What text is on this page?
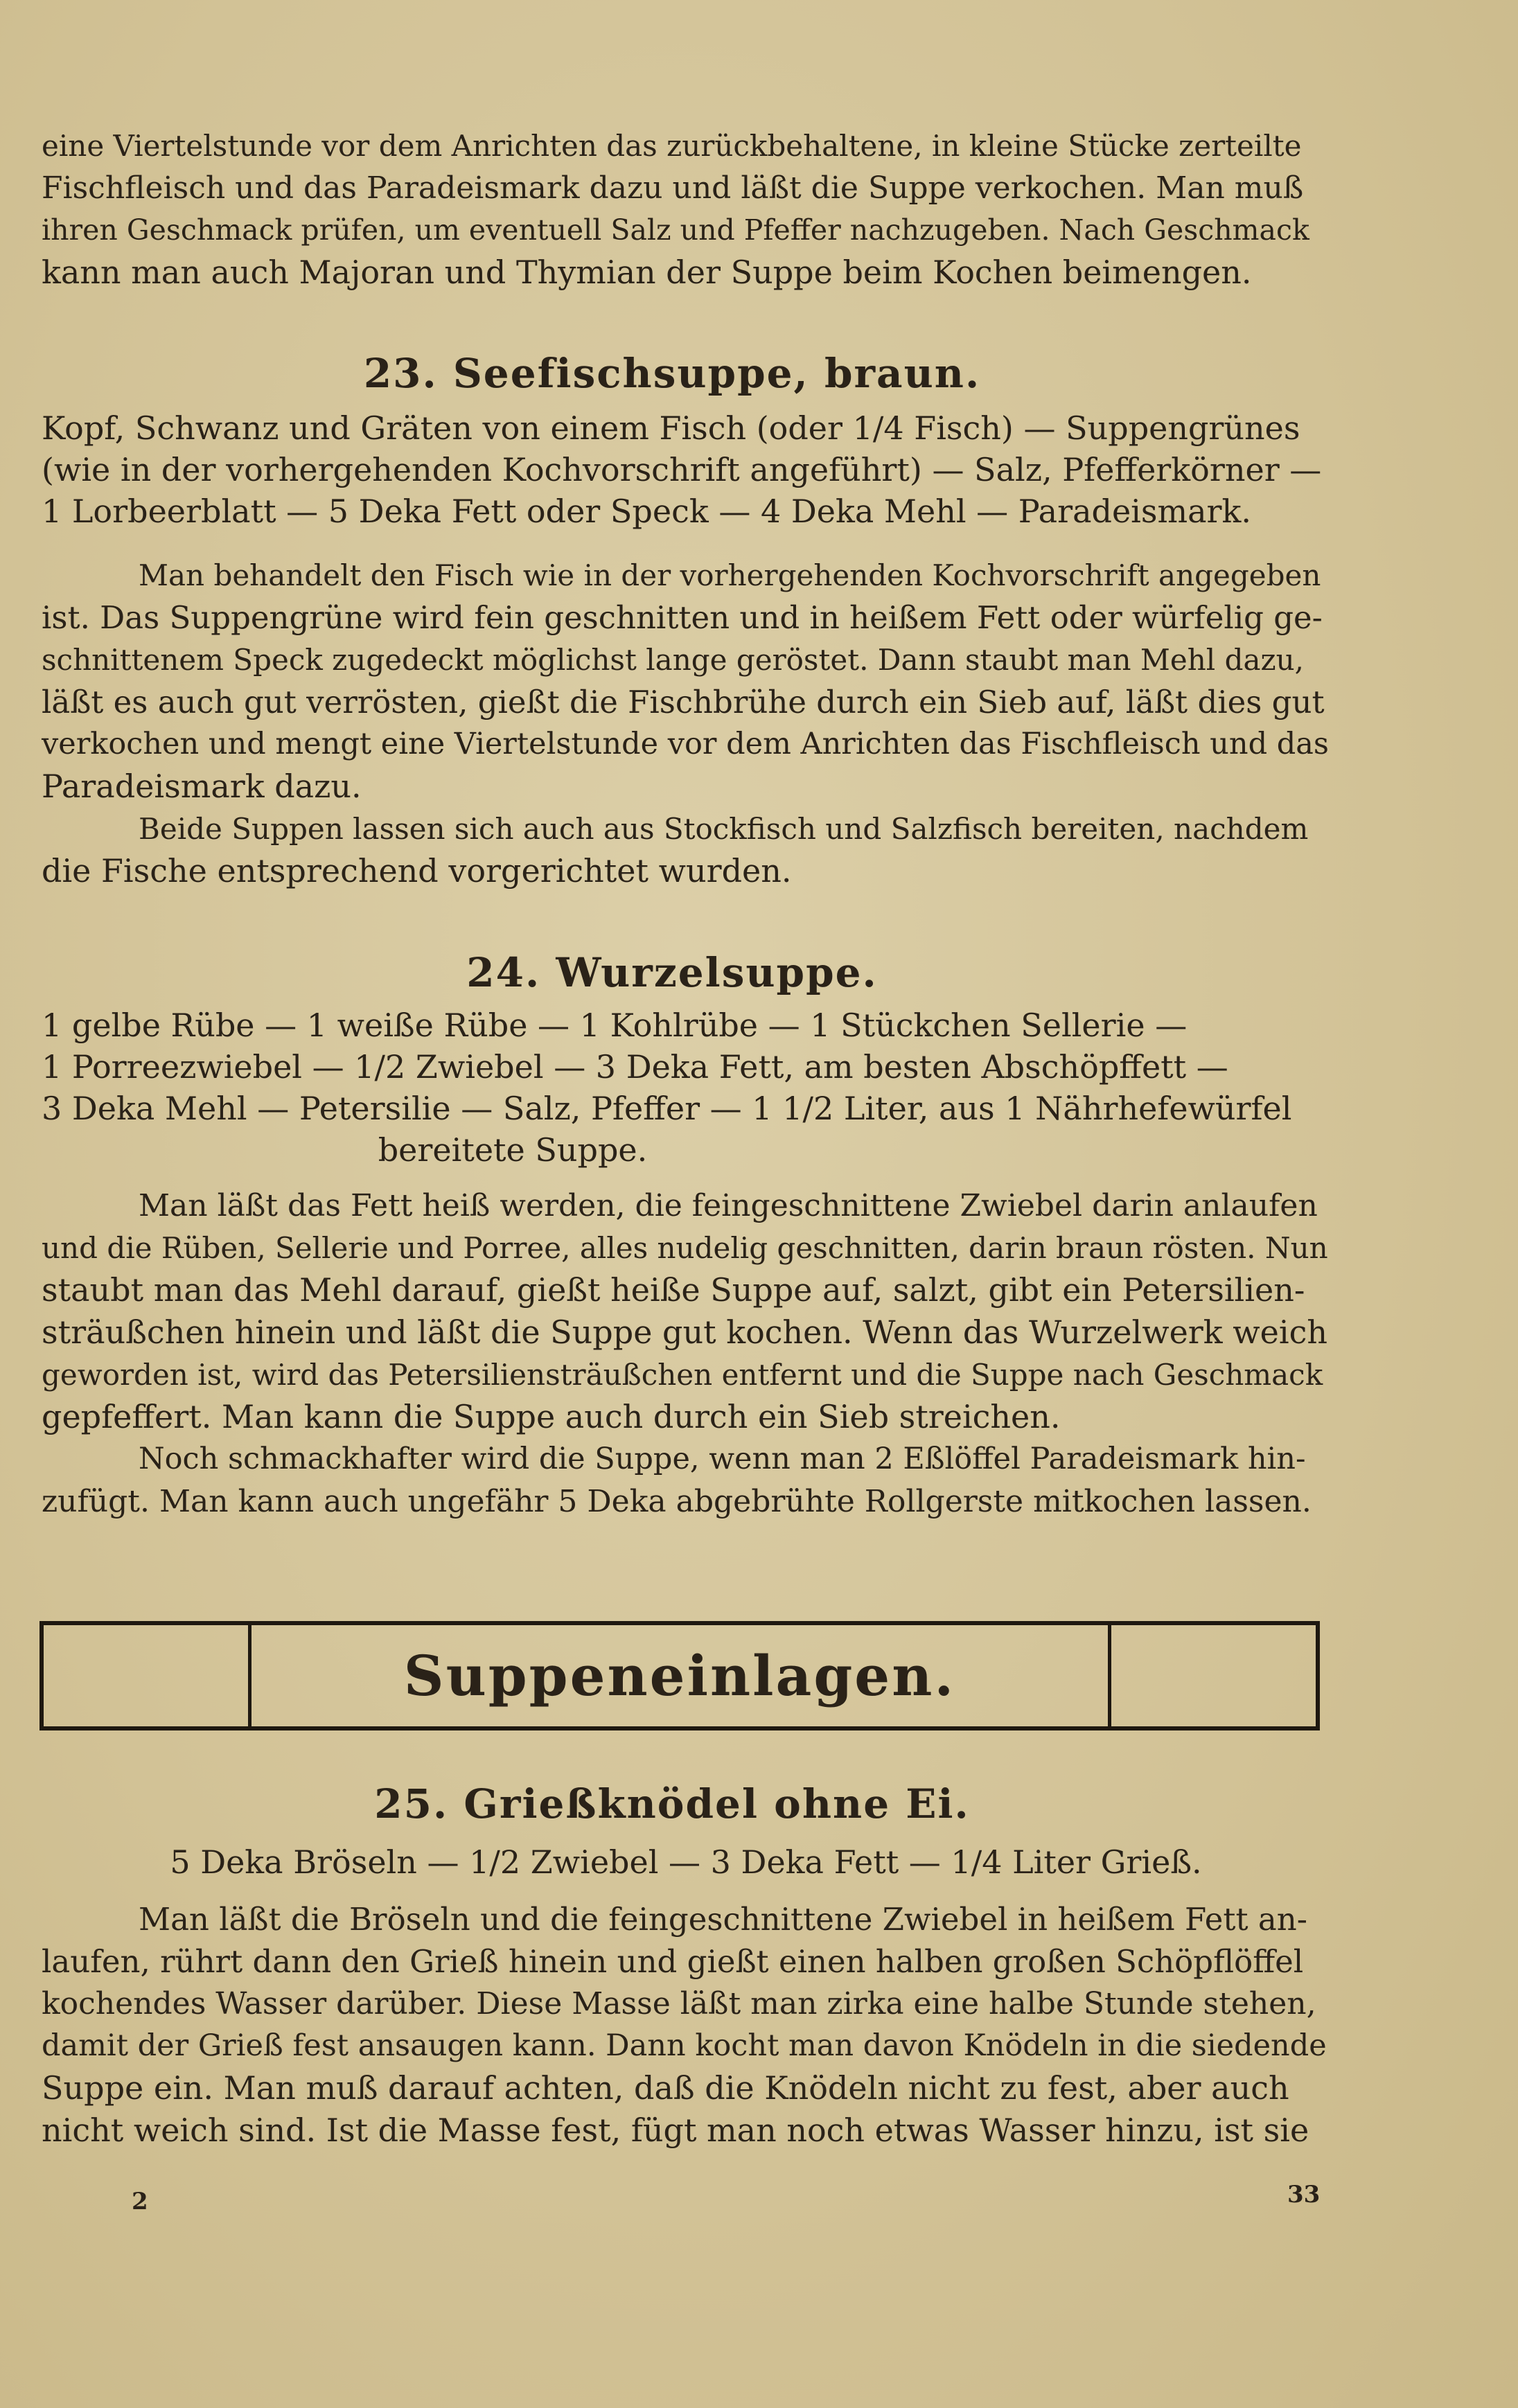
eine Viertelstunde vor dem Anrichten das zurückbehaltene, in kleine Stücke zerteilte
Fischfleisch und das Paradeismark dazu und läßt die Suppe verkochen. Man muß
ihren Geschmack prüfen, um eventuell Salz und Pfeffer nachzugeben. Nach Geschmack
kann man auch Majoran und Thymian der Suppe beim Kochen beimengen.
23. Seefischsuppe, braun.
Kopf, Schwanz und Gräten von einem Fisch (oder 1/4 Fisch) — Suppengrünes
(wie in der vorhergehenden Kochvorschrift angeführt) — Salz, Pfefferkörner —
1 Lorbeerblatt — 5 Deka Fett oder Speck — 4 Deka Mehl — Paradeismark.
Man behandelt den Fisch wie in der vorhergehenden Kochvorschrift angegeben
ist. Das Suppengrüne wird fein geschnitten und in heißem Fett oder würfelig ge-
schnittenem Speck zugedeckt möglichst lange geröstet. Dann staubt man Mehl dazu,
läßt es auch gut verrösten, gießt die Fischbrühe durch ein Sieb auf, läßt dies gut
verkochen und mengt eine Viertelstunde vor dem Anrichten das Fischfleisch und das
Paradeismark dazu.
Beide Suppen lassen sich auch aus Stockfisch und Salzfisch bereiten, nachdem
die Fische entsprechend vorgerichtet wurden.
24. Wurzelsuppe.
1 gelbe Rübe — 1 weiße Rübe — 1 Kohlrübe — 1 Stückchen Sellerie —
1 Porreezwiebel — 1/2 Zwiebel — 3 Deka Fett, am besten Abschöpffett —
3 Deka Mehl — Petersilie — Salz, Pfeffer — 1 1/2 Liter, aus 1 Nährhefewürfel
bereitete Suppe.
Man läßt das Fett heiß werden, die feingeschnittene Zwiebel darin anlaufen
und die Rüben, Sellerie und Porree, alles nudelig geschnitten, darin braun rösten. Nun
staubt man das Mehl darauf, gießt heiße Suppe auf, salzt, gibt ein Petersilien-
sträußchen hinein und läßt die Suppe gut kochen. Wenn das Wurzelwerk weich
geworden ist, wird das Petersiliensträußchen entfernt und die Suppe nach Geschmack
gepfeffert. Man kann die Suppe auch durch ein Sieb streichen.
Noch schmackhafter wird die Suppe, wenn man 2 Eßlöffel Paradeismark hin-
zufügt. Man kann auch ungefähr 5 Deka abgebrühte Rollgerste mitkochen lassen.
Suppeneinlagen.
25. Grießknödel ohne Ei.
5 Deka Bröseln — 1/2 Zwiebel — 3 Deka Fett — 1/4 Liter Grieß.
Man läßt die Bröseln und die feingeschnittene Zwiebel in heißem Fett an-
laufen, rührt dann den Grieß hinein und gießt einen halben großen Schöpflöffel
kochendes Wasser darüber. Diese Masse läßt man zirka eine halbe Stunde stehen,
damit der Grieß fest ansaugen kann. Dann kocht man davon Knödeln in die siedende
Suppe ein. Man muß darauf achten, daß die Knödeln nicht zu fest, aber auch
nicht weich sind. Ist die Masse fest, fügt man noch etwas Wasser hinzu, ist sie
2	33
